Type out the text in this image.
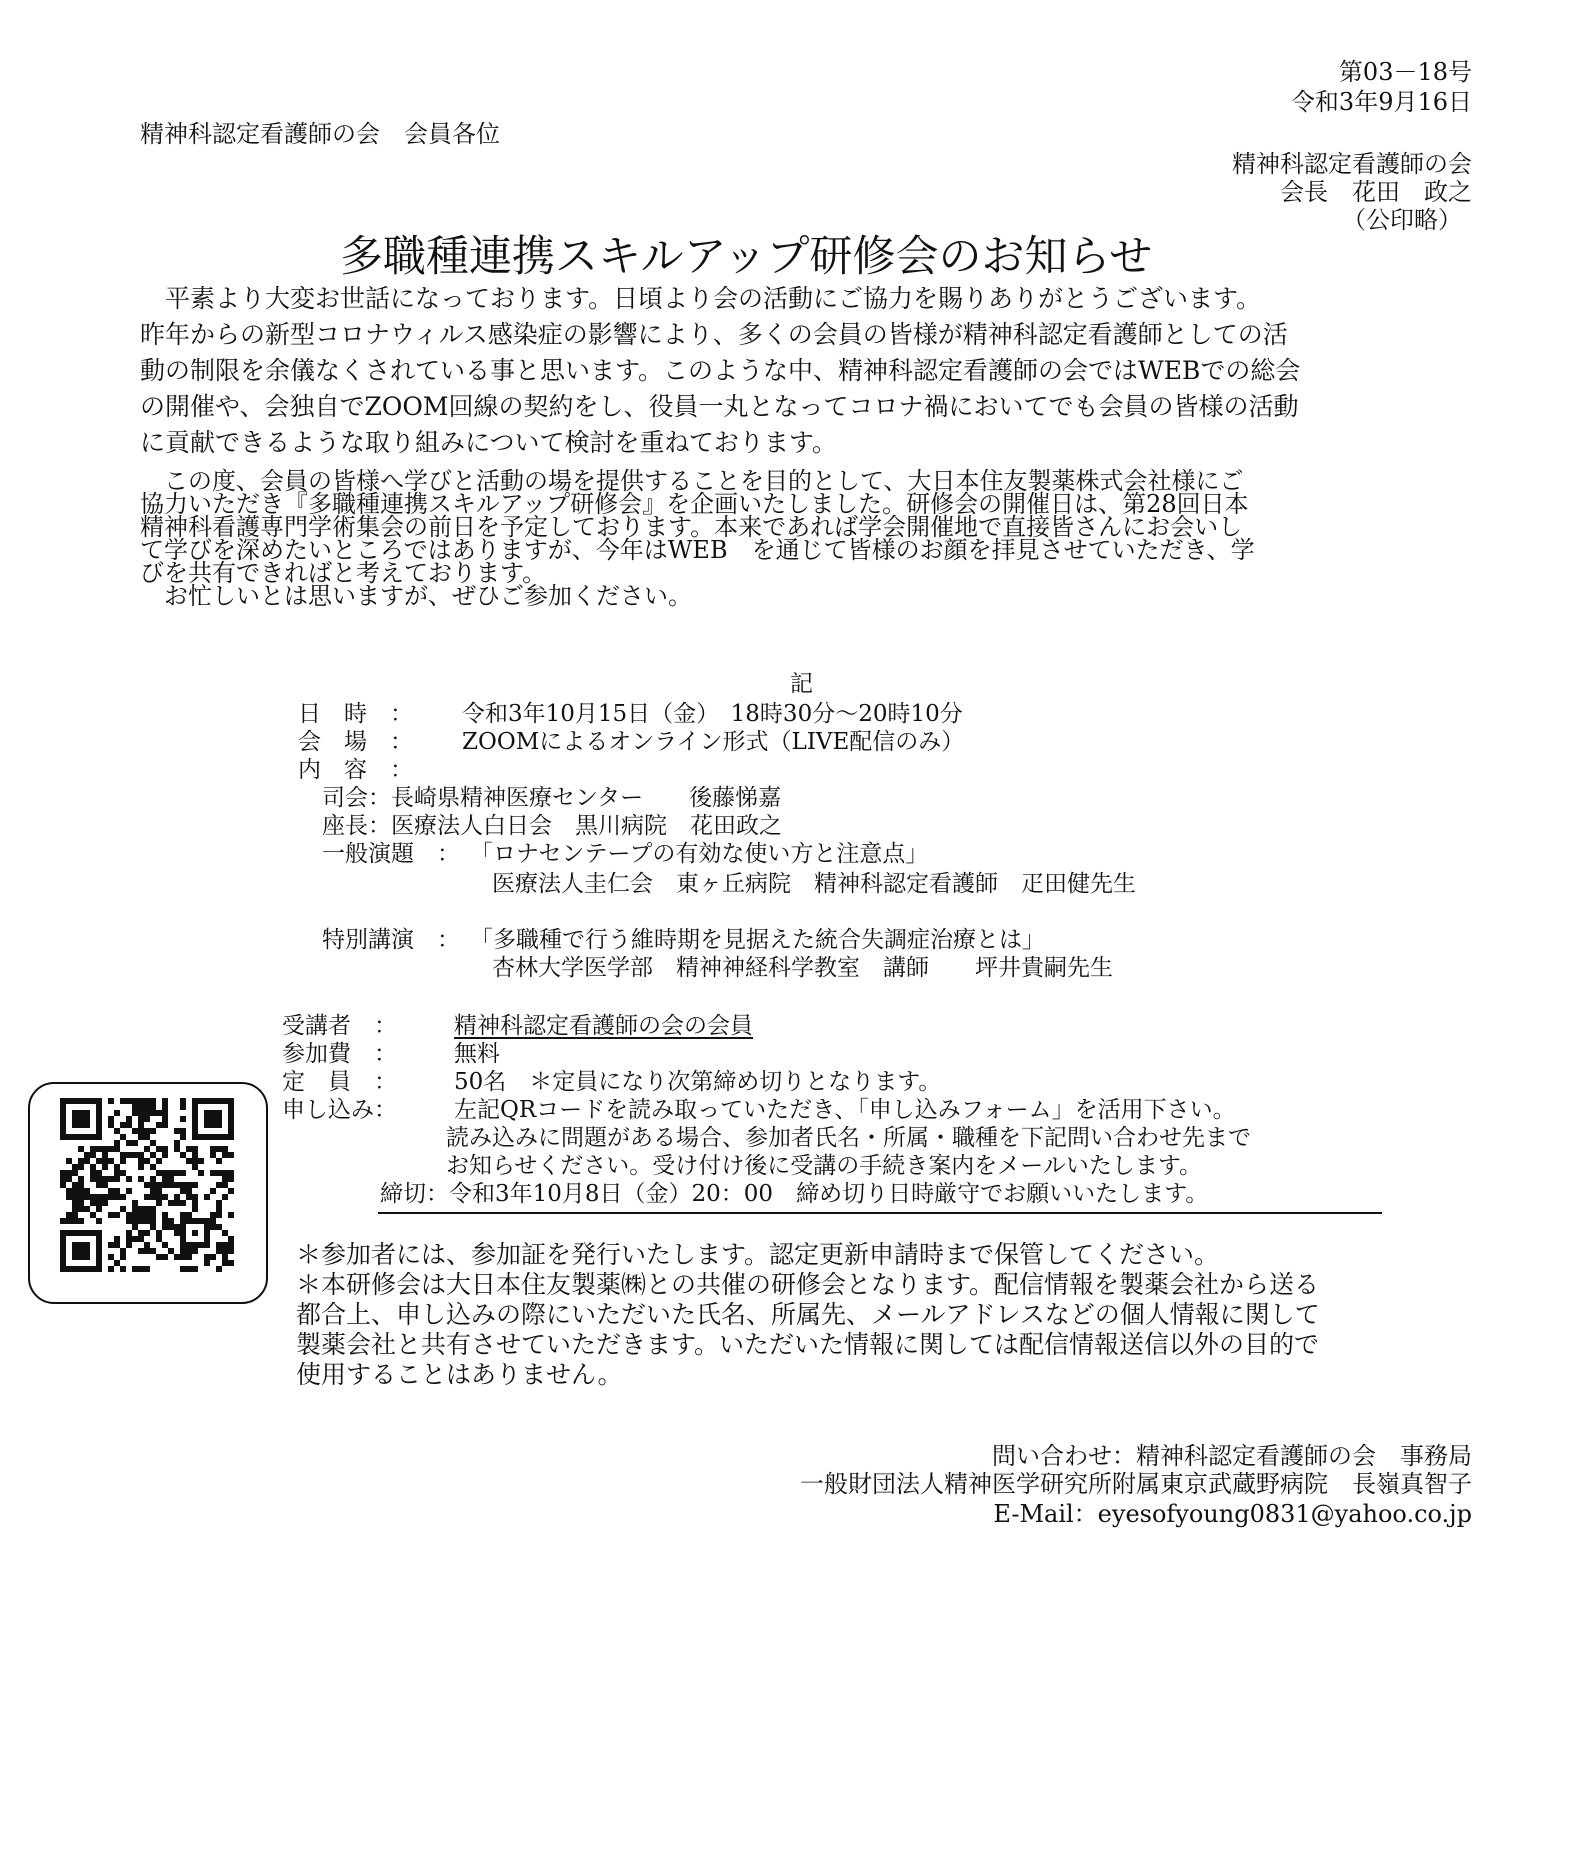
第03－18号
令和3年9月16日
精神科認定看護師の会　会員各位
精神科認定看護師の会
会長　花田　政之
（公印略）
多職種連携スキルアップ研修会のお知らせ
　平素より大変お世話になっております。日頃より会の活動にご協力を賜りありがとうございます。
昨年からの新型コロナウィルス感染症の影響により、多くの会員の皆様が精神科認定看護師としての活
動の制限を余儀なくされている事と思います。このような中、精神科認定看護師の会ではWEBでの総会
の開催や、会独自でZOOM回線の契約をし、役員一丸となってコロナ禍においてでも会員の皆様の活動
に貢献できるような取り組みについて検討を重ねております。
　この度、会員の皆様へ学びと活動の場を提供することを目的として、大日本住友製薬株式会社様にご
協力いただき『多職種連携スキルアップ研修会』を企画いたしました。研修会の開催日は、第28回日本
精神科看護専門学術集会の前日を予定しております。本来であれば学会開催地で直接皆さんにお会いし
て学びを深めたいところではありますが、今年はWEB　を通じて皆様のお顔を拝見させていただき、学
びを共有できればと考えております。
　お忙しいとは思いますが、ぜひご参加ください。
記
日　時　： 令和3年10月15日（金）　18時30分～20時10分
会　場　： ZOOMによるオンライン形式（LIVE配信のみ）
内　容　：
司会：長崎県精神医療センター　　後藤悌嘉
座長：医療法人白日会　黒川病院　花田政之
一般演題　： 「ロナセンテープの有効な使い方と注意点」
医療法人圭仁会　東ヶ丘病院　精神科認定看護師　疋田健先生
特別講演　： 「多職種で行う維時期を見据えた統合失調症治療とは」
杏林大学医学部　精神神経科学教室　講師　　坪井貴嗣先生
受講者　： 精神科認定看護師の会の会員
参加費　： 無料
定　員　： 50名　＊定員になり次第締め切りとなります。
申し込み： 左記QRコードを読み取っていただき、「申し込みフォーム」を活用下さい。
読み込みに問題がある場合、参加者氏名・所属・職種を下記問い合わせ先まで
お知らせください。受け付け後に受講の手続き案内をメールいたします。
締切：令和3年10月8日（金）20：00　締め切り日時厳守でお願いいたします。
＊参加者には、参加証を発行いたします。認定更新申請時まで保管してください。
＊本研修会は大日本住友製薬㈱との共催の研修会となります。配信情報を製薬会社から送る
都合上、申し込みの際にいただいた氏名、所属先、メールアドレスなどの個人情報に関して
製薬会社と共有させていただきます。いただいた情報に関しては配信情報送信以外の目的で
使用することはありません。
問い合わせ：精神科認定看護師の会　事務局
一般財団法人精神医学研究所附属東京武蔵野病院　長嶺真智子
E-Mail：eyesofyoung0831@yahoo.co.jp
